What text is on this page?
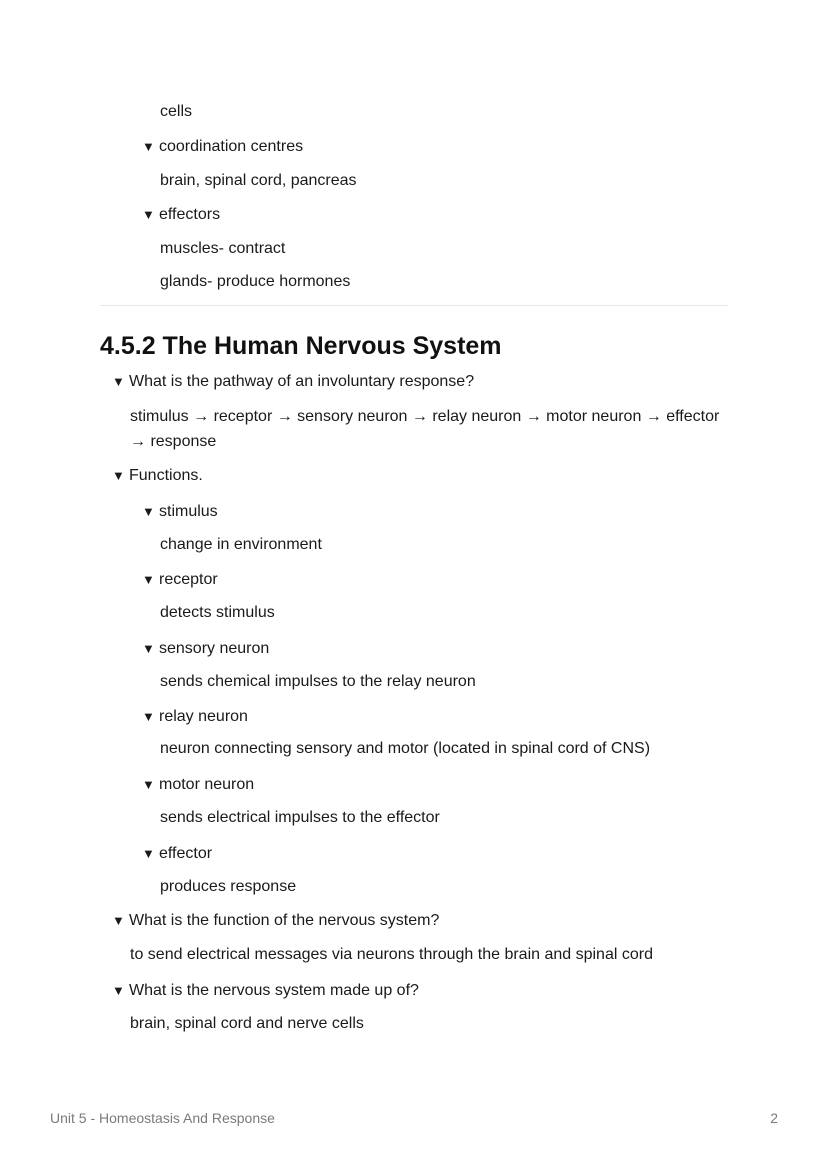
cells
▼ coordination centres
brain, spinal cord, pancreas
▼ effectors
muscles- contract
glands- produce hormones
4.5.2 The Human Nervous System
▼ What is the pathway of an involuntary response?
stimulus → receptor → sensory neuron → relay neuron → motor neuron → effector → response
▼ Functions.
▼ stimulus
change in environment
▼ receptor
detects stimulus
▼ sensory neuron
sends chemical impulses to the relay neuron
▼ relay neuron
neuron connecting sensory and motor (located in spinal cord of CNS)
▼ motor neuron
sends electrical impulses to the effector
▼ effector
produces response
▼ What is the function of the nervous system?
to send electrical messages via neurons through the brain and spinal cord
▼ What is the nervous system made up of?
brain, spinal cord and nerve cells
Unit 5 - Homeostasis And Response	2
